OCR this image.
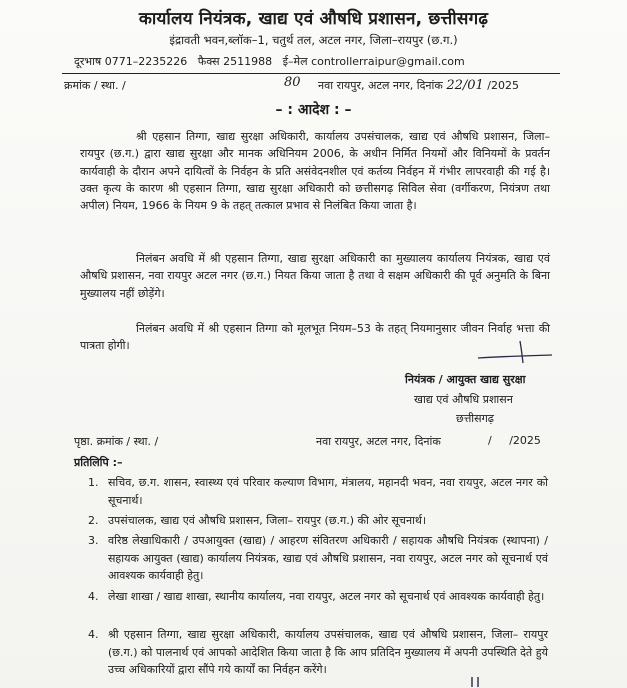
कार्यालय नियंत्रक, खाद्य एवं औषधि प्रशासन, छत्तीसगढ़
इंद्रावती भवन,ब्लॉक–1, चतुर्थ तल, अटल नगर, जिला–रायपुर (छ.ग.)
दूरभाष 0771–2235226 फैक्स 2511988 ई–मेल controllerraipur@gmail.com
क्रमांक / स्था. /	80 नवा रायपुर, अटल नगर, दिनांक 22/01 /2025
– : आदेश : –
श्री एहसान तिग्गा, खाद्य सुरक्षा अधिकारी, कार्यालय उपसंचालक, खाद्य एवं औषधि प्रशासन, जिला– रायपुर (छ.ग.) द्वारा खाद्य सुरक्षा और मानक अधिनियम 2006, के अधीन निर्मित नियमों और विनियमों के प्रवर्तन कार्यवाही के दौरान अपने दायित्वों के निर्वहन के प्रति असंवेदनशील एवं कर्तव्य निर्वहन में गंभीर लापरवाही की गई है। उक्त कृत्य के कारण श्री एहसान तिग्गा, खाद्य सुरक्षा अधिकारी को छत्तीसगढ़ सिविल सेवा (वर्गीकरण, नियंत्रण तथा अपील) नियम, 1966 के नियम 9 के तहत् तत्काल प्रभाव से निलंबित किया जाता है।
निलंबन अवधि में श्री एहसान तिग्गा, खाद्य सुरक्षा अधिकारी का मुख्यालय कार्यालय नियंत्रक, खाद्य एवं औषधि प्रशासन, नवा रायपुर अटल नगर (छ.ग.) नियत किया जाता है तथा वे सक्षम अधिकारी की पूर्व अनुमति के बिना मुख्यालय नहीं छोड़ेंगे।
निलंबन अवधि में श्री एहसान तिग्गा को मूलभूत नियम–53 के तहत् नियमानुसार जीवन निर्वाह भत्ता की पात्रता होगी।
नियंत्रक / आयुक्त खाद्य सुरक्षा
खाद्य एवं औषधि प्रशासन
छत्तीसगढ़
पृष्ठा. क्रमांक / स्था. /	नवा रायपुर, अटल नगर, दिनांक	/     /2025
प्रतिलिपि :–
1. सचिव, छ.ग. शासन, स्वास्थ्य एवं परिवार कल्याण विभाग, मंत्रालय, महानदी भवन, नवा रायपुर, अटल नगर को सूचनार्थ।
2. उपसंचालक, खाद्य एवं औषधि प्रशासन, जिला– रायपुर (छ.ग.) की ओर सूचनार्थ।
3. वरिष्ठ लेखाधिकारी / उपआयुक्त (खाद्य) / आहरण संवितरण अधिकारी / सहायक औषधि नियंत्रक (स्थापना) / सहायक आयुक्त (खाद्य) कार्यालय नियंत्रक, खाद्य एवं औषधि प्रशासन, नवा रायपुर, अटल नगर को सूचनार्थ एवं आवश्यक कार्यवाही हेतु।
4. लेखा शाखा / खाद्य शाखा, स्थानीय कार्यालय, नवा रायपुर, अटल नगर को सूचनार्थ एवं आवश्यक कार्यवाही हेतु।
4. श्री एहसान तिग्गा, खाद्य सुरक्षा अधिकारी, कार्यालय उपसंचालक, खाद्य एवं औषधि प्रशासन, जिला– रायपुर (छ.ग.) को पालनार्थ एवं आपको आदेशित किया जाता है कि आप प्रतिदिन मुख्यालय में अपनी उपस्थिति देते हुये उच्च अधिकारियों द्वारा सौंपे गये कार्यों का निर्वहन करेंगे।
